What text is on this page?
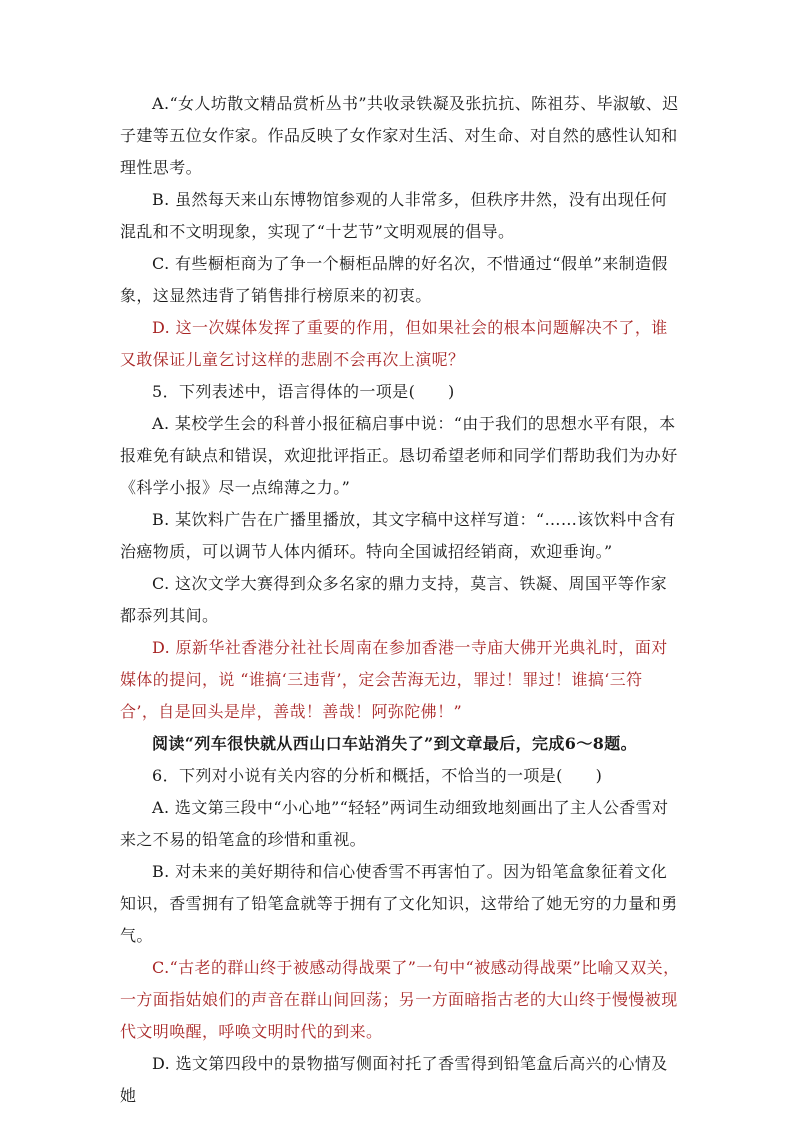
A.“女人坊散文精品赏析丛书”共收录铁凝及张抗抗、陈祖芬、毕淑敏、迟子建等五位女作家。作品反映了女作家对生活、对生命、对自然的感性认知和理性思考。

B. 虽然每天来山东博物馆参观的人非常多，但秩序井然，没有出现任何混乱和不文明现象，实现了“十艺节”文明观展的倡导。

C. 有些橱柜商为了争一个橱柜品牌的好名次，不惜通过“假单”来制造假象，这显然违背了销售排行榜原来的初衷。

D. 这一次媒体发挥了重要的作用，但如果社会的根本问题解决不了，谁又敢保证儿童乞讨这样的悲剧不会再次上演呢？

5．下列表述中，语言得体的一项是(　　)

A. 某校学生会的科普小报征稿启事中说：“由于我们的思想水平有限，本报难免有缺点和错误，欢迎批评指正。恳切希望老师和同学们帮助我们为办好《科学小报》尽一点绵薄之力。”

B. 某饮料广告在广播里播放，其文字稿中这样写道：“……该饮料中含有治癌物质，可以调节人体内循环。特向全国诚招经销商，欢迎垂询。”

C. 这次文学大赛得到众多名家的鼎力支持，莫言、铁凝、周国平等作家都忝列其间。

D. 原新华社香港分社社长周南在参加香港一寺庙大佛开光典礼时，面对媒体的提问，说 “谁搞‘三违背’，定会苦海无边，罪过！罪过！谁搞‘三符合’，自是回头是岸，善哉！善哉！阿弥陀佛！”

阅读“列车很快就从西山口车站消失了”到文章最后，完成6～8题。

6．下列对小说有关内容的分析和概括，不恰当的一项是(　　)

A. 选文第三段中“小心地”“轻轻”两词生动细致地刻画出了主人公香雪对来之不易的铅笔盒的珍惜和重视。

B. 对未来的美好期待和信心使香雪不再害怕了。因为铅笔盒象征着文化知识，香雪拥有了铅笔盒就等于拥有了文化知识，这带给了她无穷的力量和勇气。

C.“古老的群山终于被感动得战栗了”一句中“被感动得战栗”比喻又双关，一方面指姑娘们的声音在群山间回荡；另一方面暗指古老的大山终于慢慢被现代文明唤醒，呼唤文明时代的到来。

D. 选文第四段中的景物描写侧面衬托了香雪得到铅笔盒后高兴的心情及她
